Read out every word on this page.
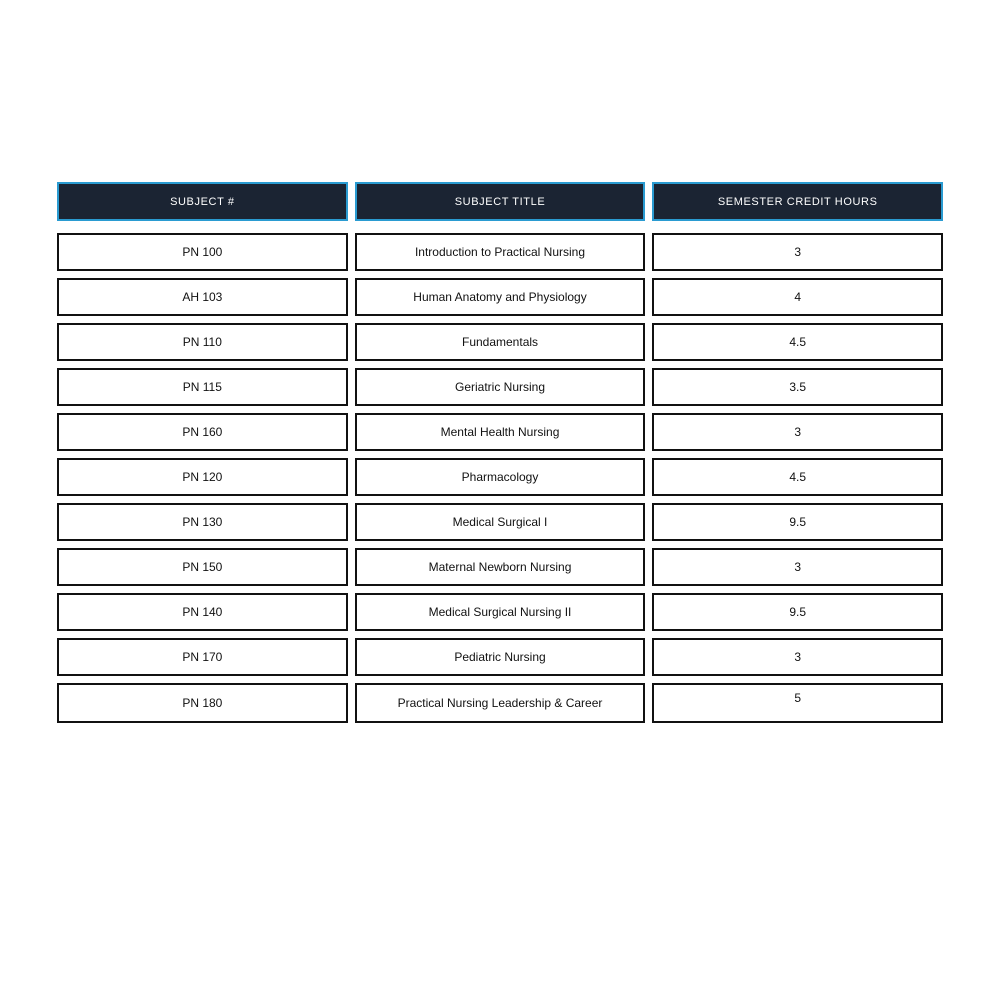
SUBJECT #	SUBJECT TITLE	SEMESTER CREDIT HOURS
PN 100	Introduction to Practical Nursing	3
AH 103	Human Anatomy and Physiology	4
PN 110	Fundamentals	4.5
PN 115	Geriatric Nursing	3.5
PN 160	Mental Health Nursing	3
PN 120	Pharmacology	4.5
PN 130	Medical Surgical I	9.5
PN 150	Maternal Newborn Nursing	3
PN 140	Medical Surgical Nursing II	9.5
PN 170	Pediatric Nursing	3
PN 180	Practical Nursing Leadership & Career	5
